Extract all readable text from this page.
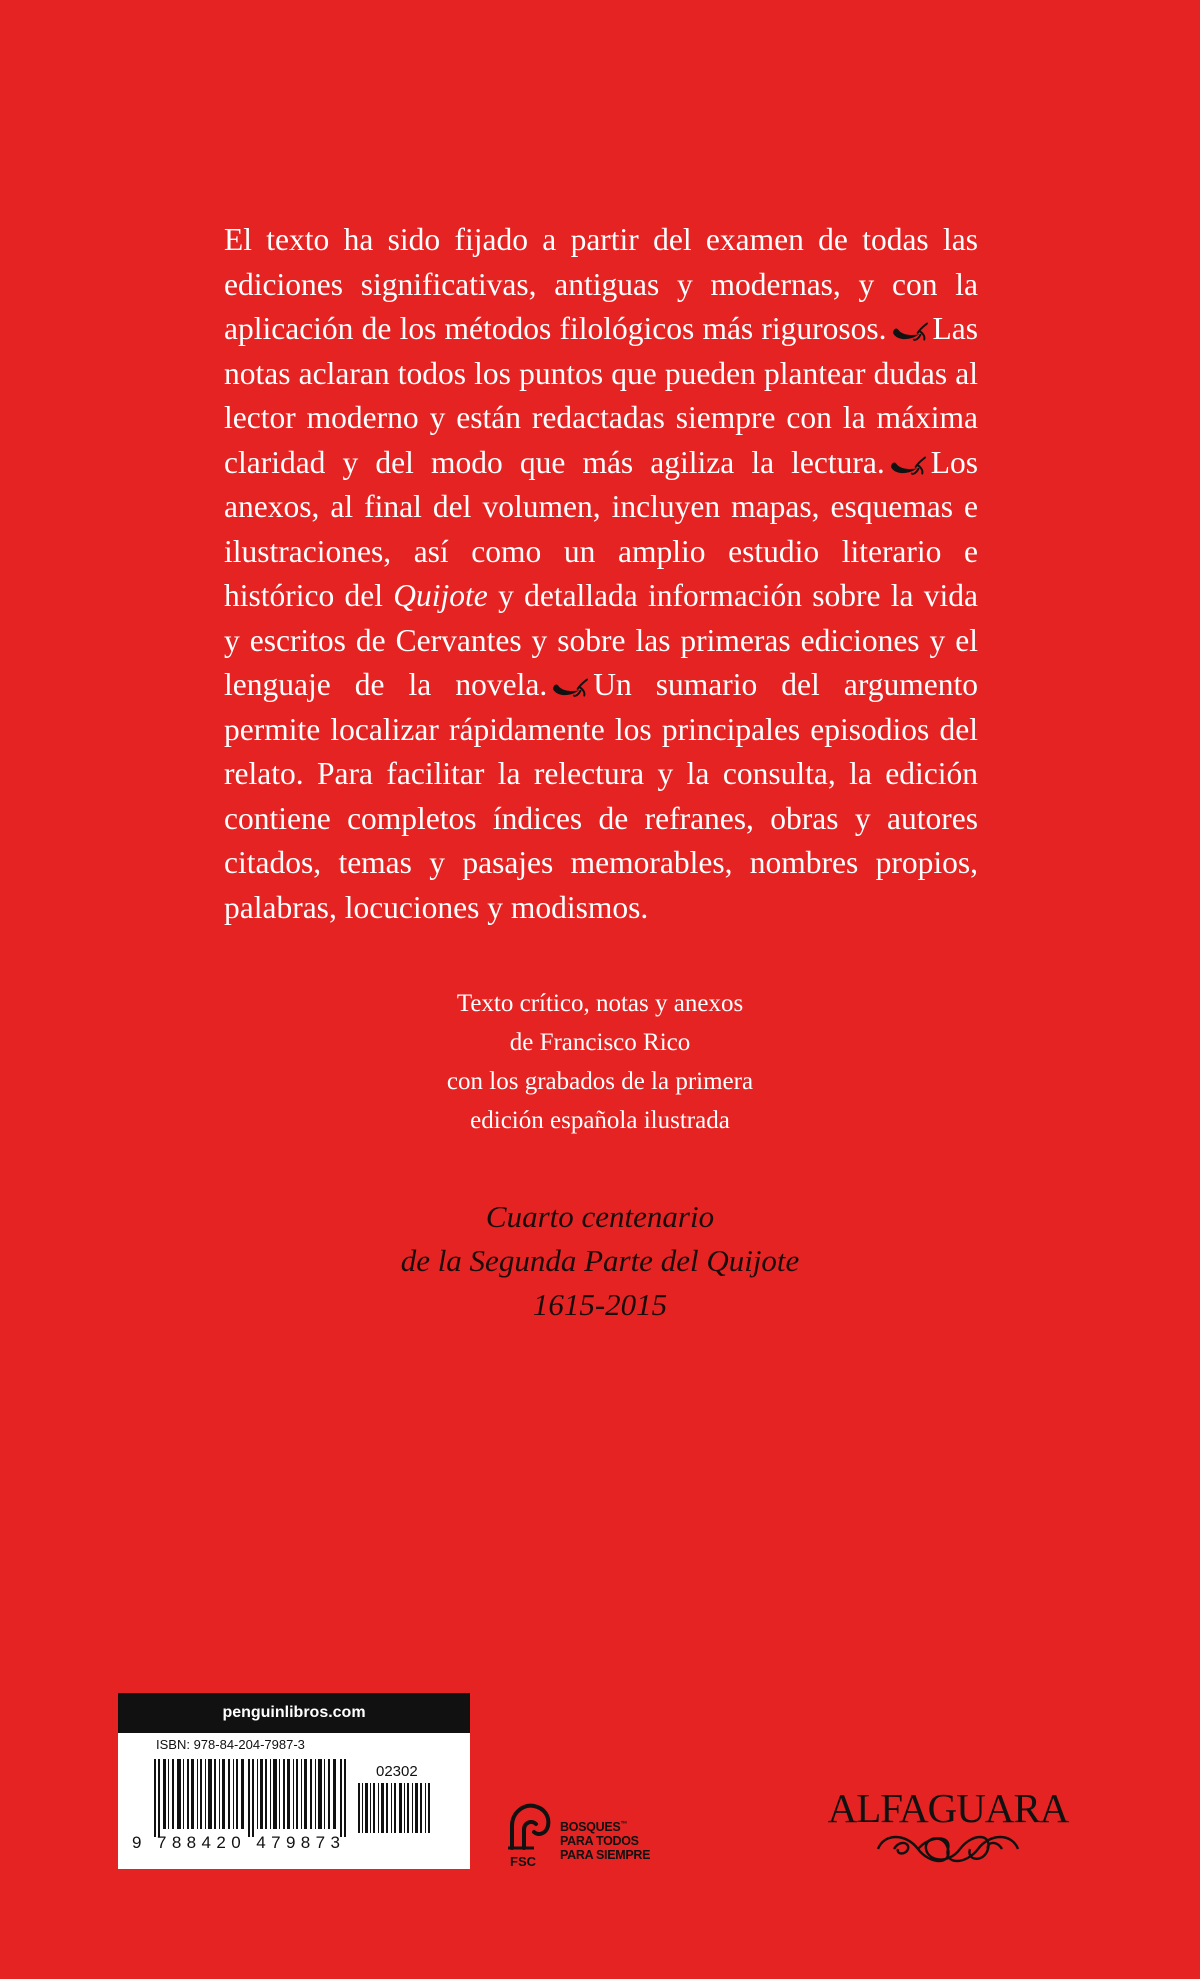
El texto ha sido fijado a partir del examen de todas las ediciones significativas, antiguas y modernas, y con la aplicación de los métodos filológicos más rigurosos. Las notas aclaran todos los puntos que pueden plantear dudas al lector moderno y están redactadas siempre con la máxima claridad y del modo que más agiliza la lectura. Los anexos, al final del volumen, incluyen mapas, esquemas e ilustraciones, así como un amplio estudio literario e histórico del Quijote y detallada información sobre la vida y escritos de Cervantes y sobre las primeras ediciones y el lenguaje de la novela. Un sumario del argumento permite localizar rápidamente los principales episodios del relato. Para facilitar la relectura y la consulta, la edición contiene completos índices de refranes, obras y autores citados, temas y pasajes memorables, nombres propios, palabras, locuciones y modismos.

Texto crítico, notas y anexos
de Francisco Rico
con los grabados de la primera
edición española ilustrada
Cuarto centenario
de la Segunda Parte del Quijote
1615-2015
penguinlibros.com
ISBN: 978-84-204-7987-3
02302
9 788420 479873
FSC
BOSQUES™
PARA TODOS
PARA SIEMPRE
ALFAGUARA
